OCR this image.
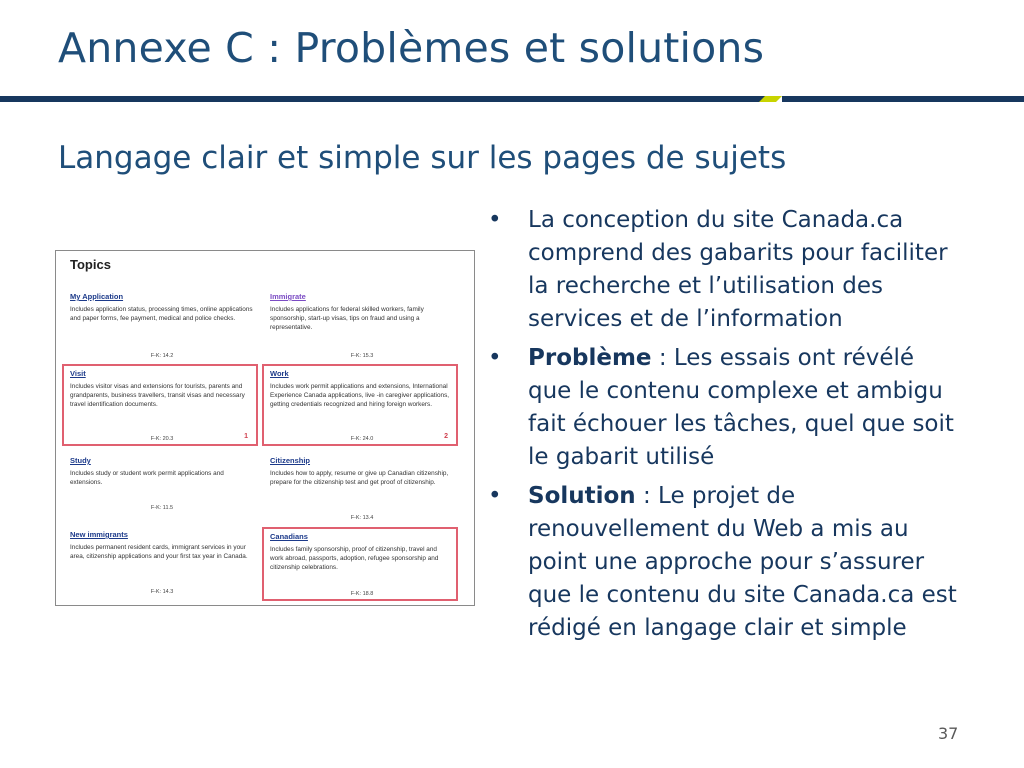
Annexe C : Problèmes et solutions
Langage clair et simple sur les pages de sujets
Topics
My Application

Includes application status, processing times, online applications and paper forms, fee payment, medical and police checks.

F-K: 14.2
Immigrate

Includes applications for federal skilled workers, family sponsorship, start-up visas, tips on fraud and using a representative.

F-K: 15.3
Visit

Includes visitor visas and extensions for tourists, parents and grandparents, business travellers, transit visas and necessary travel identification documents.

F-K: 20.3	1
Work

Includes work permit applications and extensions, International Experience Canada applications, live -in caregiver applications, getting credentials recognized and hiring foreign workers.

F-K: 24.0	2
Study

Includes study or student work permit applications and extensions.

F-K: 11.5
Citizenship

Includes how to apply, resume or give up Canadian citizenship, prepare for the citizenship test and get proof of citizenship.

F-K: 13.4
New immigrants

Includes permanent resident cards, immigrant services in your area, citizenship applications and your first tax year in Canada.

F-K: 14.3
Canadians

Includes family sponsorship, proof of citizenship, travel and work abroad, passports, adoption, refugee sponsorship and citizenship celebrations.

F-K: 18.8
• La conception du site Canada.ca comprend des gabarits pour faciliter la recherche et l’utilisation des services et de l’information
• Problème : Les essais ont révélé que le contenu complexe et ambigu fait échouer les tâches, quel que soit le gabarit utilisé
• Solution : Le projet de renouvellement du Web a mis au point une approche pour s’assurer que le contenu du site Canada.ca est rédigé en langage clair et simple
37
